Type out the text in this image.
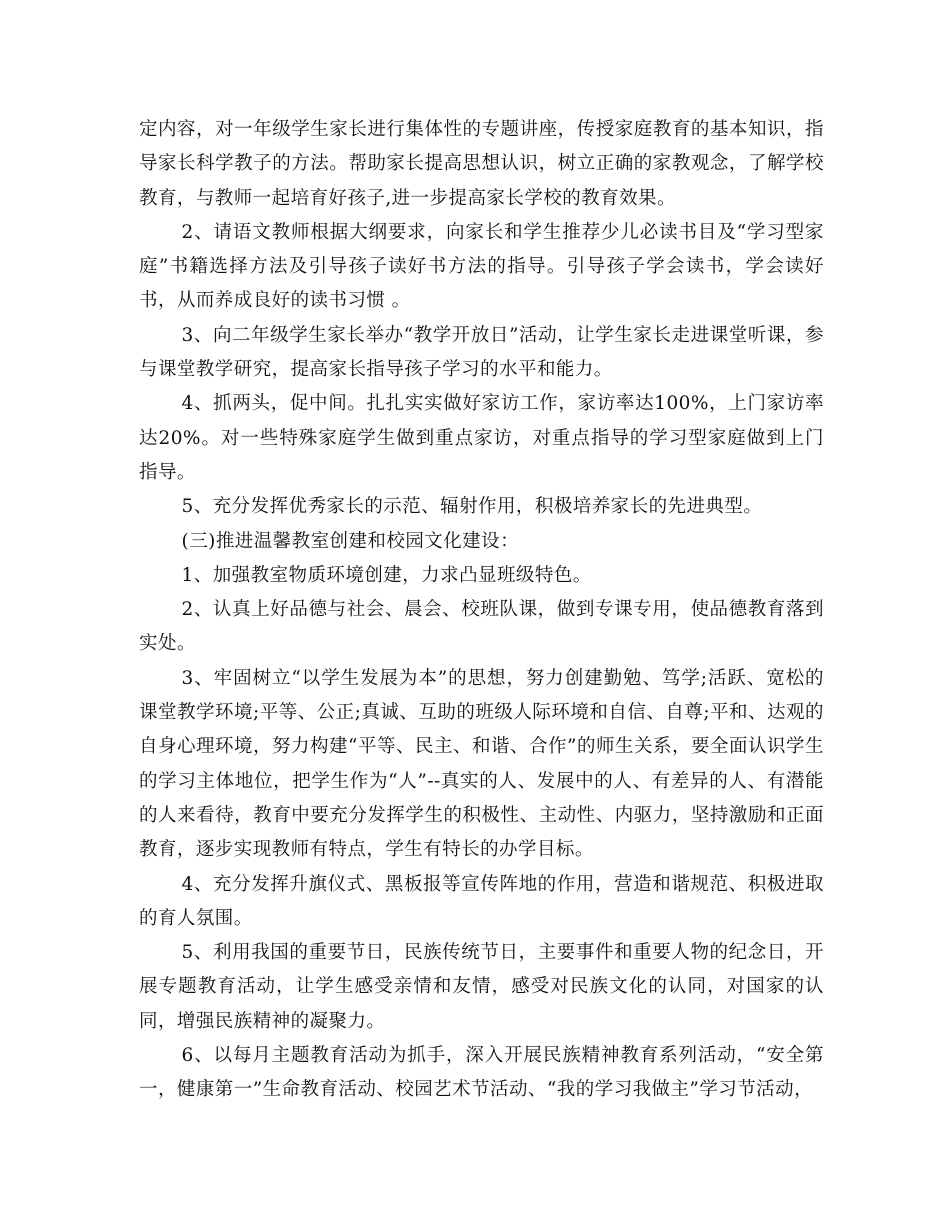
定内容，对一年级学生家长进行集体性的专题讲座，传授家庭教育的基本知识，指导家长科学教子的方法。帮助家长提高思想认识，树立正确的家教观念，了解学校教育，与教师一起培育好孩子,进一步提高家长学校的教育效果。

2、请语文教师根据大纲要求，向家长和学生推荐少儿必读书目及“学习型家庭”书籍选择方法及引导孩子读好书方法的指导。引导孩子学会读书，学会读好书，从而养成良好的读书习惯 。

3、向二年级学生家长举办“教学开放日”活动，让学生家长走进课堂听课，参与课堂教学研究，提高家长指导孩子学习的水平和能力。

4、抓两头，促中间。扎扎实实做好家访工作，家访率达100%，上门家访率达20%。对一些特殊家庭学生做到重点家访，对重点指导的学习型家庭做到上门指导。

5、充分发挥优秀家长的示范、辐射作用，积极培养家长的先进典型。

(三)推进温馨教室创建和校园文化建设：

1、加强教室物质环境创建，力求凸显班级特色。

2、认真上好品德与社会、晨会、校班队课，做到专课专用，使品德教育落到实处。

3、牢固树立“以学生发展为本”的思想，努力创建勤勉、笃学;活跃、宽松的课堂教学环境;平等、公正;真诚、互助的班级人际环境和自信、自尊;平和、达观的自身心理环境，努力构建“平等、民主、和谐、合作”的师生关系，要全面认识学生的学习主体地位，把学生作为“人”--真实的人、发展中的人、有差异的人、有潜能的人来看待，教育中要充分发挥学生的积极性、主动性、内驱力，坚持激励和正面教育，逐步实现教师有特点，学生有特长的办学目标。

4、充分发挥升旗仪式、黑板报等宣传阵地的作用，营造和谐规范、积极进取的育人氛围。

5、利用我国的重要节日，民族传统节日，主要事件和重要人物的纪念日，开展专题教育活动，让学生感受亲情和友情，感受对民族文化的认同，对国家的认同，增强民族精神的凝聚力。

6、以每月主题教育活动为抓手，深入开展民族精神教育系列活动，“安全第一，健康第一”生命教育活动、校园艺术节活动、“我的学习我做主”学习节活动，
